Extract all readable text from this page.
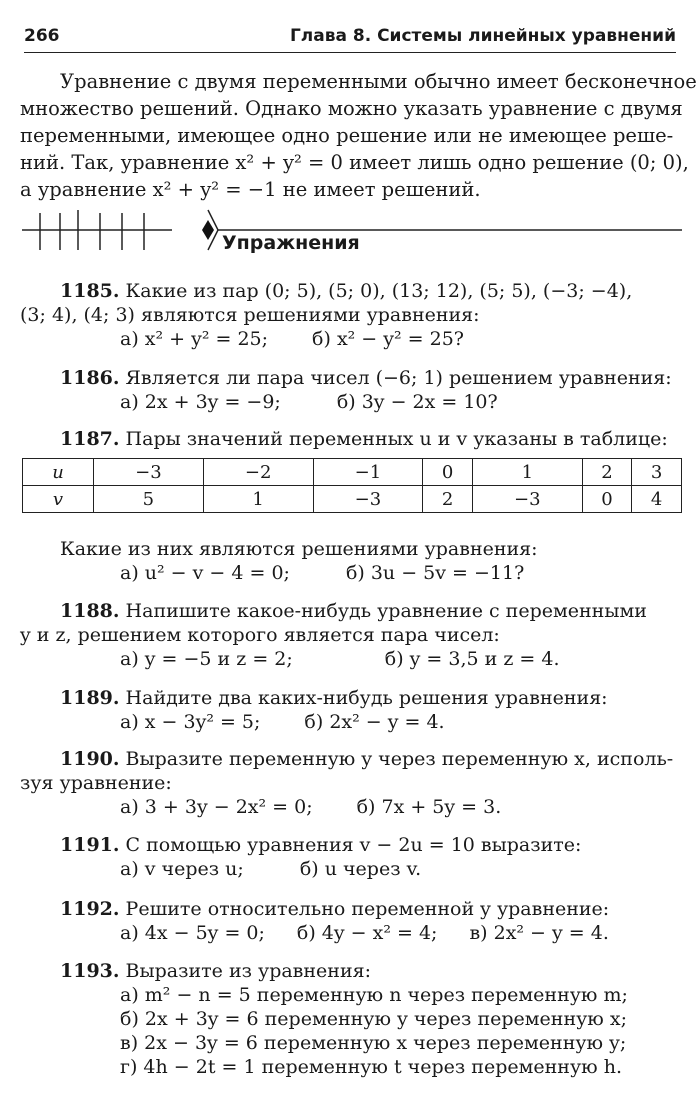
266	Глава 8. Системы линейных уравнений
Уравнение с двумя переменными обычно имеет бесконечное
множество решений. Однако можно указать уравнение с двумя
переменными, имеющее одно решение или не имеющее реше-
ний. Так, уравнение x² + y² = 0 имеет лишь одно решение (0; 0),
а уравнение x² + y² = −1 не имеет решений.
Упражнения
1185. Какие из пар (0; 5), (5; 0), (13; 12), (5; 5), (−3; −4),
(3; 4), (4; 3) являются решениями уравнения:
а) x² + y² = 25; б) x² − y² = 25?
1186. Является ли пара чисел (−6; 1) решением уравнения:
а) 2x + 3y = −9;	б) 3y − 2x = 10?
1187. Пары значений переменных u и v указаны в таблице:
u	−3	−2	−1	0	1	2	3
v	5	1	−3	2	−3	0	4
Какие из них являются решениями уравнения:
а) u² − v − 4 = 0;	б) 3u − 5v = −11?
1188. Напишите какое-нибудь уравнение с переменными
y и z, решением которого является пара чисел:
а) y = −5 и z = 2;	б) y = 3,5 и z = 4.
1189. Найдите два каких-нибудь решения уравнения:
а) x − 3y² = 5; б) 2x² − y = 4.
1190. Выразите переменную y через переменную x, исполь-
зуя уравнение:
а) 3 + 3y − 2x² = 0; б) 7x + 5y = 3.
1191. С помощью уравнения v − 2u = 10 выразите:
а) v через u;	б) u через v.
1192. Решите относительно переменной y уравнение:
а) 4x − 5y = 0; б) 4y − x² = 4; в) 2x² − y = 4.
1193. Выразите из уравнения:
а) m² − n = 5 переменную n через переменную m;
б) 2x + 3y = 6 переменную y через переменную x;
в) 2x − 3y = 6 переменную x через переменную y;
г) 4h − 2t = 1 переменную t через переменную h.
